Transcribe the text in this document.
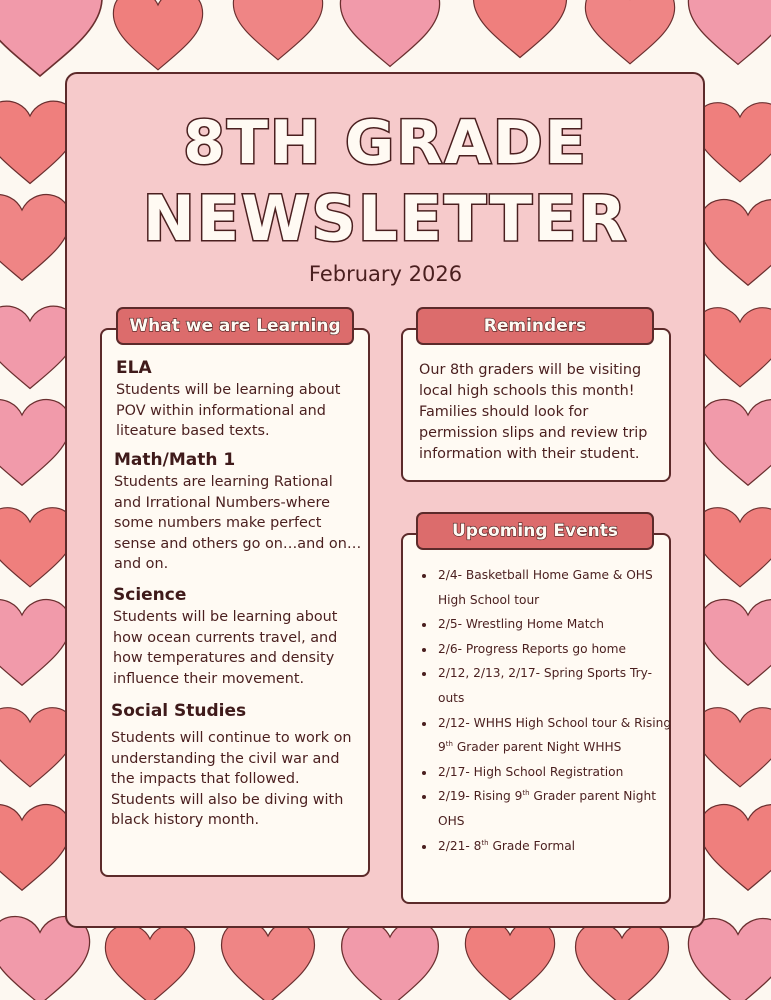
8TH GRADE
NEWSLETTER
February 2026
What we are Learning

ELA

Students will be learning about POV within informational and liteature based texts.

Math/Math 1

Students are learning Rational and Irrational Numbers-where some numbers make perfect sense and others go on…and on…and on.

Science

Students will be learning about how ocean currents travel, and how temperatures and density influence their movement.

Social Studies

Students will continue to work on understanding the civil war and the impacts that followed. Students will also be diving with black history month.

Reminders
Our 8th graders will be visiting local high schools this month! Families should look for permission slips and review trip information with their student.
Upcoming Events
• 2/4- Basketball Home Game & OHS High School tour
• 2/5- Wrestling Home Match
• 2/6- Progress Reports go home
• 2/12, 2/13, 2/17- Spring Sports Try-outs
• 2/12- WHHS High School tour & Rising 9th Grader parent Night WHHS
• 2/17- High School Registration
• 2/19- Rising 9th Grader parent Night OHS
• 2/21- 8th Grade Formal
